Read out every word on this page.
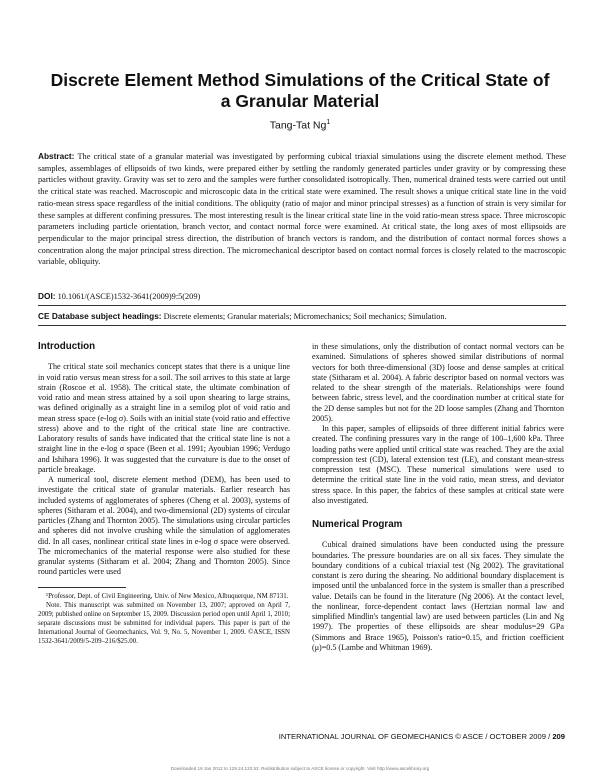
Discrete Element Method Simulations of the Critical State of
a Granular Material
Tang-Tat Ng$^1$

Abstract: The critical state of a granular material was investigated by performing cubical triaxial simulations using the discrete element method. These samples, assemblages of ellipsoids of two kinds, were prepared either by settling the randomly generated particles under gravity or by compressing these particles without gravity. Gravity was set to zero and the samples were further consolidated isotropically. Then, numerical drained tests were carried out until the critical state was reached. Macroscopic and microscopic data in the critical state were examined. The result shows a unique critical state line in the void ratio-mean stress space regardless of the initial conditions. The obliquity (ratio of major and minor principal stresses) as a function of strain is very similar for these samples at different confining pressures. The most interesting result is the linear critical state line in the void ratio-mean stress space. Three microscopic parameters including particle orientation, branch vector, and contact normal force were examined. At critical state, the long axes of most ellipsoids are perpendicular to the major principal stress direction, the distribution of branch vectors is random, and the distribution of contact normal forces shows a concentration along the major principal stress direction. The micromechanical descriptor based on contact normal forces is closely related to the macroscopic variable, obliquity.

DOI: 10.1061/(ASCE)1532-3641(2009)9:5(209)
CE Database subject headings: Discrete elements; Granular materials; Micromechanics; Soil mechanics; Simulation.
Introduction

The critical state soil mechanics concept states that there is a unique line in void ratio versus mean stress for a soil. The soil arrives to this state at large strain (Roscoe et al. 1958). The critical state, the ultimate combination of void ratio and mean stress attained by a soil upon shearing to large strains, was defined originally as a straight line in a semilog plot of void ratio and mean stress space (e-log σ). Soils with an initial state (void ratio and effective stress) above and to the right of the critical state line are contractive. Laboratory results of sands have indicated that the critical state line is not a straight line in the e-log σ space (Been et al. 1991; Ayoubian 1996; Verdugo and Ishihara 1996). It was suggested that the curvature is due to the onset of particle breakage.

A numerical tool, discrete element method (DEM), has been used to investigate the critical state of granular materials. Earlier research has included systems of agglomerates of spheres (Cheng et al. 2003), systems of spheres (Sitharam et al. 2004), and two-dimensional (2D) systems of circular particles (Zhang and Thornton 2005). The simulations using circular particles and spheres did not involve crushing while the simulation of agglomerates did. In all cases, nonlinear critical state lines in e-log σ space were observed. The micromechanics of the material response were also studied for these granular systems (Sitharam et al. 2004; Zhang and Thornton 2005). Since round particles were used

¹Professor, Dept. of Civil Engineering, Univ. of New Mexico, Albuquerque, NM 87131.

Note. This manuscript was submitted on November 13, 2007; approved on April 7, 2009; published online on September 15, 2009. Discussion period open until April 1, 2010; separate discussions must be submitted for individual papers. This paper is part of the International Journal of Geomechanics, Vol. 9, No. 5, November 1, 2009. ©ASCE, ISSN 1532-3641/2009/5-209–216/$25.00.

in these simulations, only the distribution of contact normal vectors can be examined. Simulations of spheres showed similar distributions of normal vectors for both three-dimensional (3D) loose and dense samples at critical state (Sitharam et al. 2004). A fabric descriptor based on normal vectors was related to the shear strength of the materials. Relationships were found between fabric, stress level, and the coordination number at critical state for the 2D dense samples but not for the 2D loose samples (Zhang and Thornton 2005).

In this paper, samples of ellipsoids of three different initial fabrics were created. The confining pressures vary in the range of 100–1,600 kPa. Three loading paths were applied until critical state was reached. They are the axial compression test (CD), lateral extension test (LE), and constant mean-stress compression test (MSC). These numerical simulations were used to determine the critical state line in the void ratio, mean stress, and deviator stress space. In this paper, the fabrics of these samples at critical state were also investigated.

Numerical Program

Cubical drained simulations have been conducted using the pressure boundaries. The pressure boundaries are on all six faces. They simulate the boundary conditions of a cubical triaxial test (Ng 2002). The gravitational constant is zero during the shearing. No additional boundary displacement is imposed until the unbalanced force in the system is smaller than a prescribed value. Details can be found in the literature (Ng 2006). At the contact level, the nonlinear, force-dependent contact laws (Hertzian normal law and simplified Mindlin's tangential law) are used between particles (Lin and Ng 1997). The properties of these ellipsoids are shear modulus=29 GPa (Simmons and Brace 1965), Poisson's ratio=0.15, and friction coefficient (μ)=0.5 (Lambe and Whitman 1969).

INTERNATIONAL JOURNAL OF GEOMECHANICS © ASCE / OCTOBER 2009 / 209
Downloaded 19 Jan 2012 to 129.24.123.53. Redistribution subject to ASCE license or copyright. Visit http://www.ascelibrary.org
